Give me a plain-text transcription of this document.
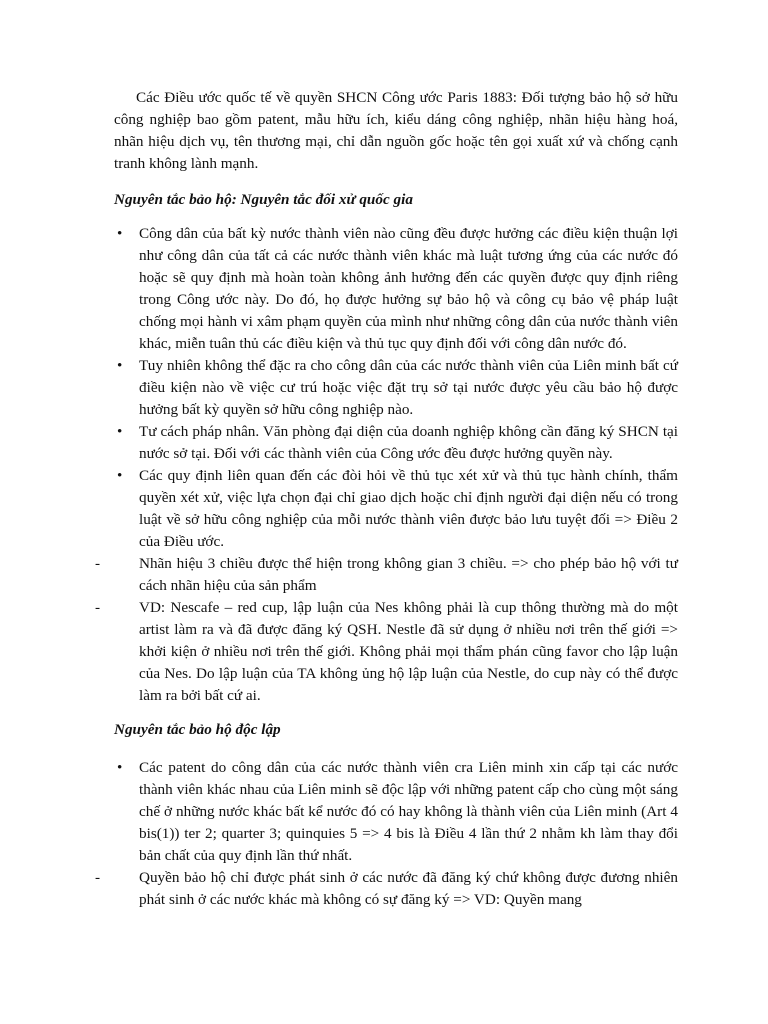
Các Điều ước quốc tế về quyền SHCN Công ước Paris 1883: Đối tượng bảo hộ sở hữu công nghiệp bao gồm patent, mẫu hữu ích, kiểu dáng công nghiệp, nhãn hiệu hàng hoá, nhãn hiệu dịch vụ, tên thương mại, chỉ dẫn nguồn gốc hoặc tên gọi xuất xứ và chống cạnh tranh không lành mạnh.

Nguyên tắc bảo hộ: Nguyên tắc đối xử quốc gia

•	Công dân của bất kỳ nước thành viên nào cũng đều được hưởng các điều kiện thuận lợi như công dân của tất cả các nước thành viên khác mà luật tương ứng của các nước đó hoặc sẽ quy định mà hoàn toàn không ảnh hưởng đến các quyền được quy định riêng trong Công ước này. Do đó, họ được hưởng sự bảo hộ và công cụ bảo vệ pháp luật chống mọi hành vi xâm phạm quyền của mình như những công dân của nước thành viên khác, miễn tuân thủ các điều kiện và thủ tục quy định đối với công dân nước đó.
•	Tuy nhiên không thể đặc ra cho công dân của các nước thành viên của Liên minh bất cứ điều kiện nào về việc cư trú hoặc việc đặt trụ sở tại nước được yêu cầu bảo hộ được hưởng bất kỳ quyền sở hữu công nghiệp nào.
•	Tư cách pháp nhân. Văn phòng đại diện của doanh nghiệp không cần đăng ký SHCN tại nước sở tại. Đối với các thành viên của Công ước đều được hưởng quyền này.
•	Các quy định liên quan đến các đòi hỏi về thủ tục xét xử và thủ tục hành chính, thẩm quyền xét xử, việc lựa chọn đại chỉ giao dịch hoặc chỉ định người đại diện nếu có trong luật về sở hữu công nghiệp của mỗi nước thành viên được bảo lưu tuyệt đối => Điều 2 của Điều ước.
-	Nhãn hiệu 3 chiều được thể hiện trong không gian 3 chiều. => cho phép bảo hộ với tư cách nhãn hiệu của sản phẩm
-	VD: Nescafe – red cup, lập luận của Nes không phải là cup thông thường mà do một artist làm ra và đã được đăng ký QSH. Nestle đã sử dụng ở nhiều nơi trên thế giới => khởi kiện ở nhiều nơi trên thế giới. Không phải mọi thẩm phán cũng favor cho lập luận của Nes. Do lập luận của TA không ủng hộ lập luận của Nestle, do cup này có thể được làm ra bởi bất cứ ai.

Nguyên tắc bảo hộ độc lập

•	Các patent do công dân của các nước thành viên cra Liên minh xin cấp tại các nước thành viên khác nhau của Liên minh sẽ độc lập với những patent cấp cho cùng một sáng chế ở những nước khác bất kể nước đó có hay không là thành viên của Liên minh (Art 4 bis(1)) ter 2; quarter 3; quinquies 5 => 4 bis là Điều 4 lần thứ 2 nhằm kh làm thay đổi bản chất của quy định lần thứ nhất.
-	Quyền bảo hộ chỉ được phát sinh ở các nước đã đăng ký chứ không được đương nhiên phát sinh ở các nước khác mà không có sự đăng ký => VD: Quyền mang
